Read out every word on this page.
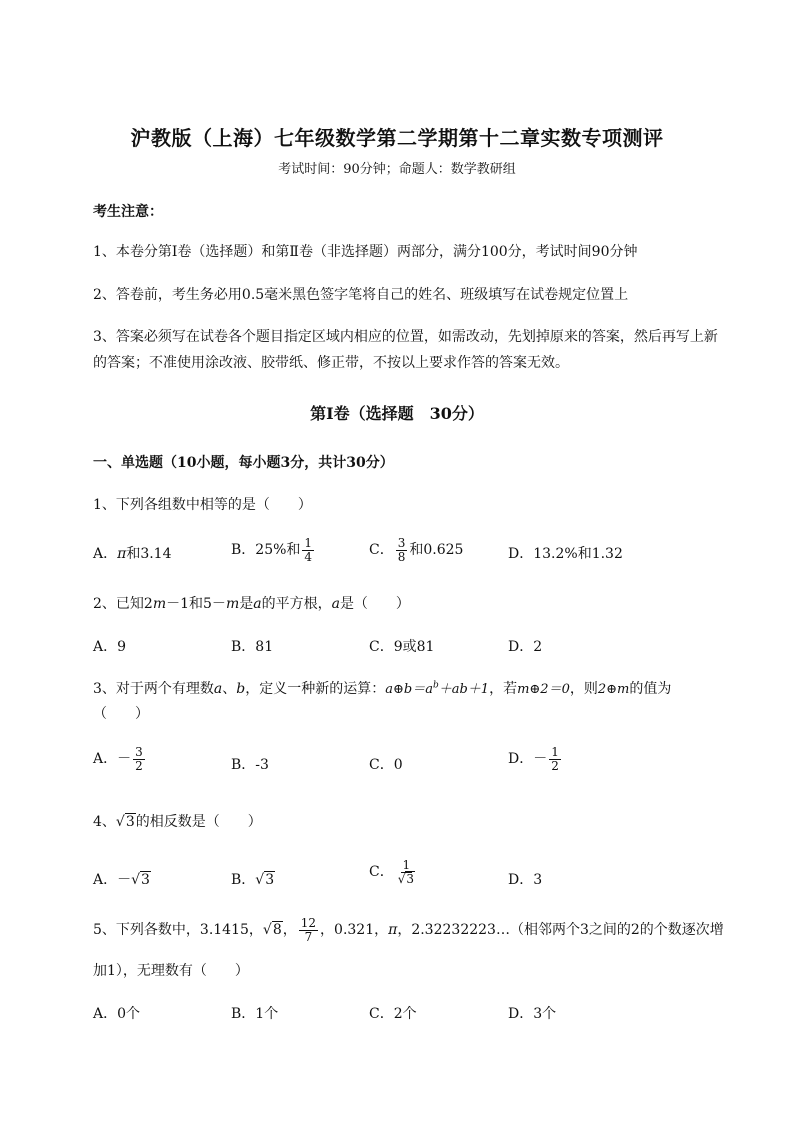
沪教版（上海）七年级数学第二学期第十二章实数专项测评
考试时间：90分钟；命题人：数学教研组
考生注意：
1、本卷分第I卷（选择题）和第Ⅱ卷（非选择题）两部分，满分100分，考试时间90分钟
2、答卷前，考生务必用0.5毫米黑色签字笔将自己的姓名、班级填写在试卷规定位置上
3、答案必须写在试卷各个题目指定区域内相应的位置，如需改动，先划掉原来的答案，然后再写上新
的答案；不准使用涂改液、胶带纸、修正带，不按以上要求作答的答案无效。
第I卷（选择题　30分）
一、单选题（10小题，每小题3分，共计30分）
1、下列各组数中相等的是（　　）
A．π和3.14	B．25%和 $\frac{1}{4}$	C． $\frac{3}{8}$ 和0.625	D．13.2%和1.32
2、已知2m－1和5－m是a的平方根，a是（　　）
A．9	B．81	C．9或81	D．2
3、对于两个有理数a、b，定义一种新的运算：$a\oplus b=a^b+ab+1$，若m⊕2＝0，则2⊕m的值为
（　　）
A．－ $\frac{3}{2}$	B．-3	C．0	D．－ $\frac{1}{2}$
4、√3的相反数是（　　）
A．－√3	B．√3	C． $\frac{1}{√3}$	D．3
5、下列各数中，3.1415，√8， $\frac{12}{7}$ ，0.321，π，2.32232223…（相邻两个3之间的2的个数逐次增
加1），无理数有（　　）
A．0个	B．1个	C．2个	D．3个
